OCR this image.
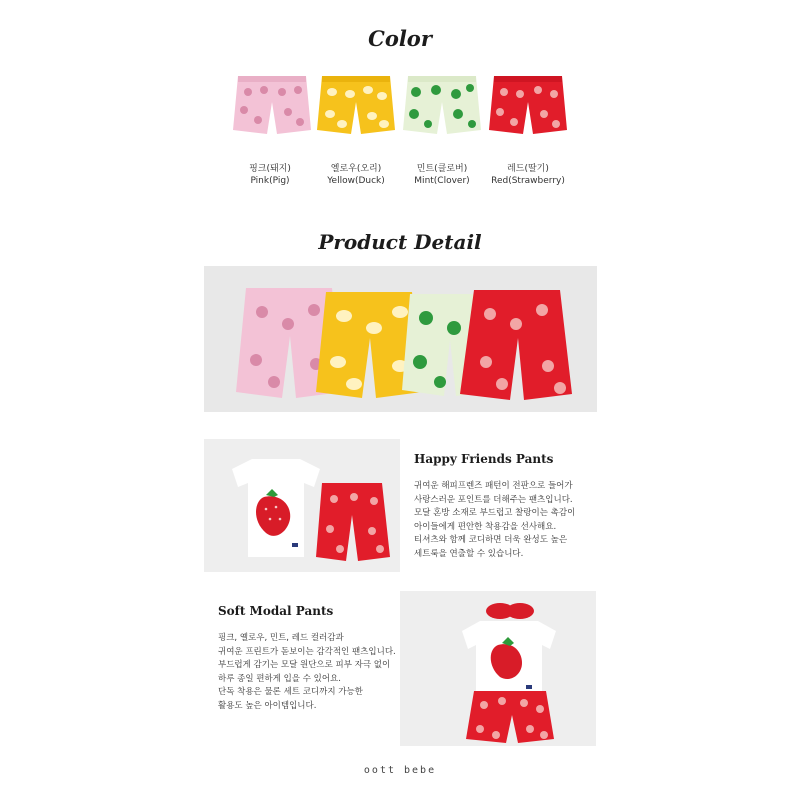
Color
핑크(돼지)
Pink(Pig)
옐로우(오리)
Yellow(Duck)
민트(클로버)
Mint(Clover)
레드(딸기)
Red(Strawberry)
Product Detail
Happy Friends Pants
귀여운 해피프렌즈 패턴이 전판으로 들어가
사랑스러운 포인트를 더해주는 팬츠입니다.
모달 혼방 소재로 부드럽고 찰랑이는 촉감이
아이들에게 편안한 착용감을 선사해요.
티셔츠와 함께 코디하면 더욱 완성도 높은
세트룩을 연출할 수 있습니다.
Soft Modal Pants
핑크, 옐로우, 민트, 레드 컬러감과
귀여운 프린트가 돋보이는 감각적인 팬츠입니다.
부드럽게 감기는 모달 원단으로 피부 자극 없이
하루 종일 편하게 입을 수 있어요.
단독 착용은 물론 세트 코디까지 가능한
활용도 높은 아이템입니다.
oott bebe
